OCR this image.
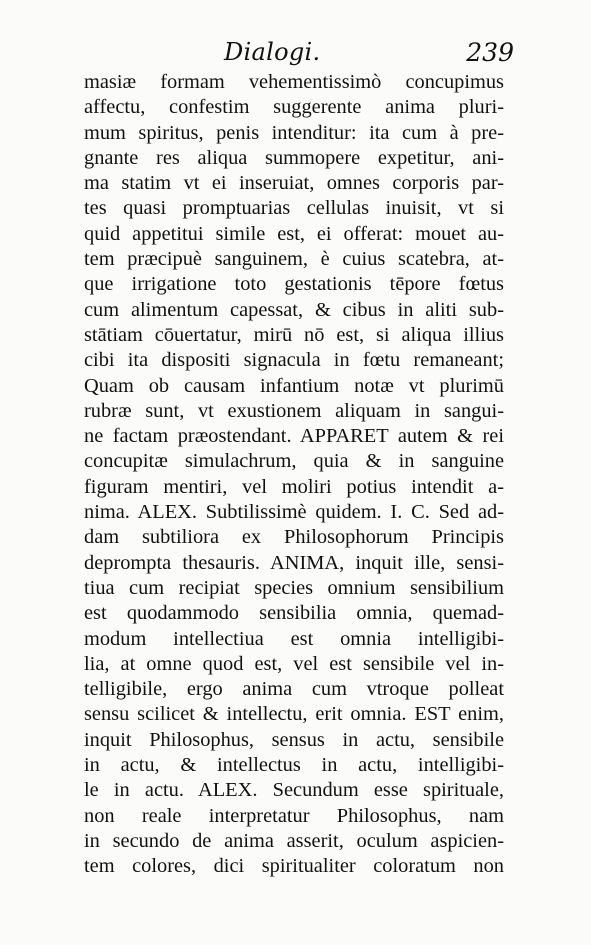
Dialogi.	239
masiæ formam vehementissimò concupimus
affectu, confestim suggerente anima pluri-
mum spiritus, penis intenditur: ita cum à pre-
gnante res aliqua summopere expetitur, ani-
ma statim vt ei inseruiat, omnes corporis par-
tes quasi promptuarias cellulas inuisit, vt si
quid appetitui simile est, ei offerat: mouet au-
tem præcipuè sanguinem, è cuius scatebra, at-
que irrigatione toto gestationis tēpore fœtus
cum alimentum capessat, & cibus in aliti sub-
stātiam cōuertatur, mirū nō est, si aliqua illius
cibi ita dispositi signacula in fœtu remaneant;
Quam ob causam infantium notæ vt plurimū
rubræ sunt, vt exustionem aliquam in sangui-
ne factam præostendant. APPARET autem & rei
concupitæ simulachrum, quia & in sanguine
figuram mentiri, vel moliri potius intendit a-
nima. ALEX. Subtilissimè quidem. I. C. Sed ad-
dam subtiliora ex Philosophorum Principis
deprompta thesauris. ANIMA, inquit ille, sensi-
tiua cum recipiat species omnium sensibilium
est quodammodo sensibilia omnia, quemad-
modum intellectiua est omnia intelligibi-
lia, at omne quod est, vel est sensibile vel in-
telligibile, ergo anima cum vtroque polleat
sensu scilicet & intellectu, erit omnia. EST enim,
inquit Philosophus, sensus in actu, sensibile
in actu, & intellectus in actu, intelligibi-
le in actu. ALEX. Secundum esse spirituale,
non reale interpretatur Philosophus, nam
in secundo de anima asserit, oculum aspicien-
tem colores, dici spiritualiter coloratum non
